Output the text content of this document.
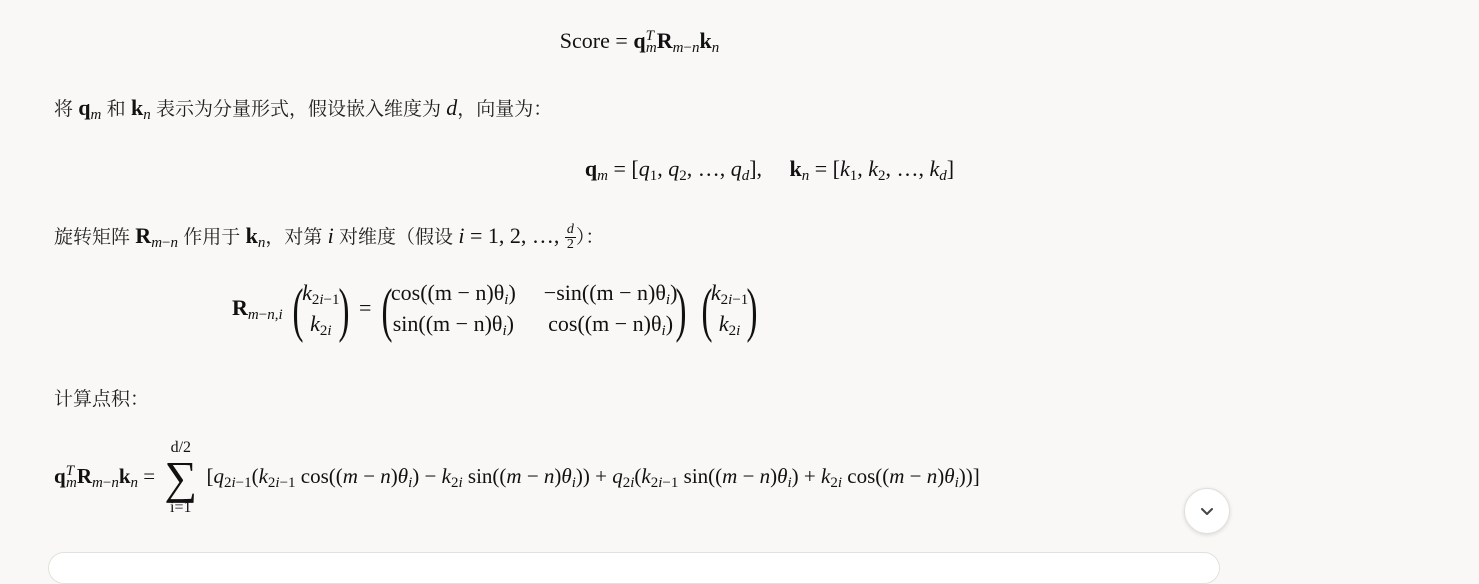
Score = $q^T_mR_{m-n}k_n$
将 $q_m$ 和 $k_n$ 表示为分量形式，假设嵌入维度为 d，向量为：
$q_m = [q_1$, $q_2$, …, $q_d$],     $k_n = [k_1$, $k_2$, …, $k_d$]
旋转矩阵 $R_{m-n}$ 作用于 $k_n$，对第 i 对维度（假设 i = 1, 2, …, $\frac{d}{2}$ ）：
$R_{m-n,i}$ (
$k_{2i-1}$
$k_{2i}$ ) = (
$\cos((m - n)\theta_i) -\sin((m - n)\theta_i)$
$\sin((m - n)\theta_i)$ $\cos((m - n)\theta_i)$ ) (
$k_{2i-1}$
$k_{2i}$ )
计算点积：
$q^T_mR_{m-n}k_n$ =
d/2
∑
i=1
[$q_{2i-1}(k_{2i-1}$ $\cos((m - n)\theta_i) - k_{2i}$ $\sin((m - n)\theta_i)) + q_{2i}(k_{2i-1}$ $\sin((m - n)\theta_i) + k_{2i}$ $\cos((m - n)\theta_i)$)]
